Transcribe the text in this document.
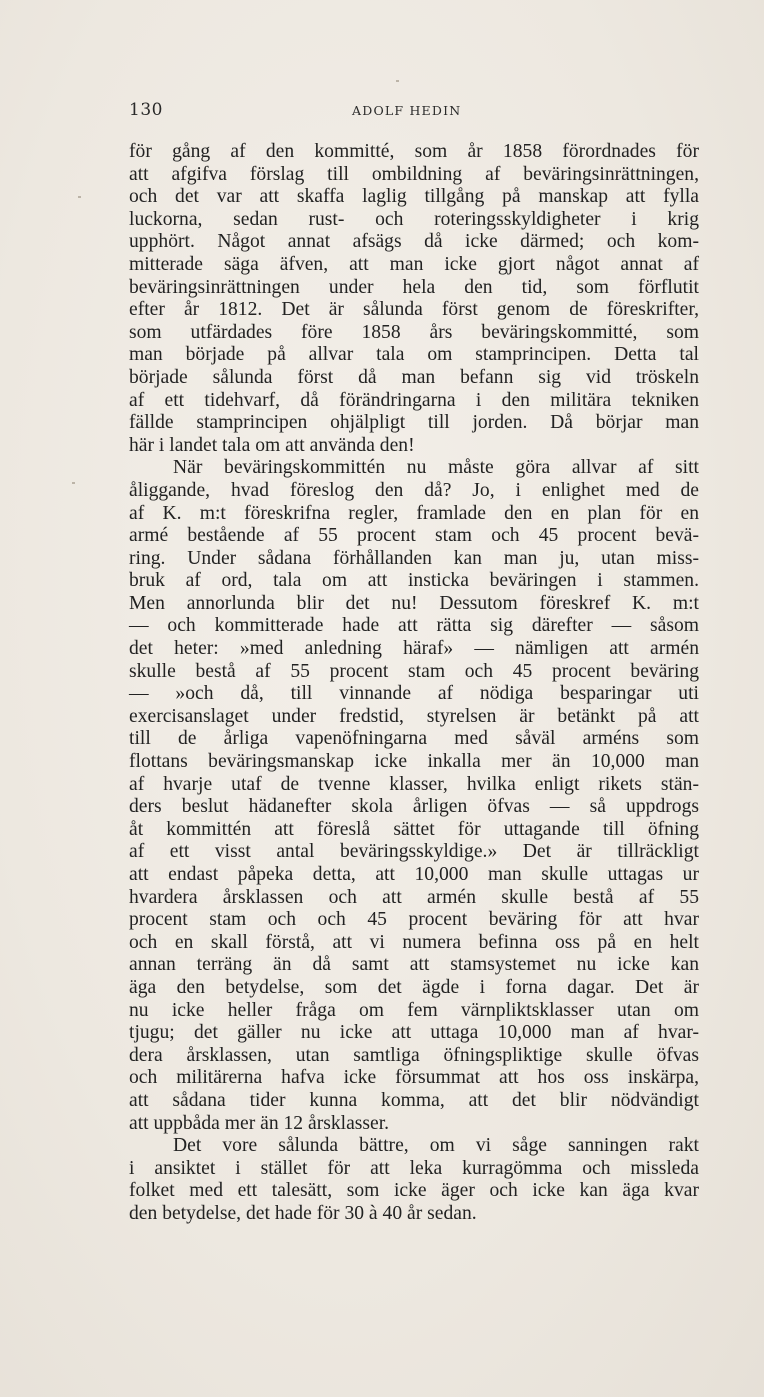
130	ADOLF HEDIN
för gång af den kommitté, som år 1858 förordnades för
att afgifva förslag till ombildning af beväringsinrättningen,
och det var att skaffa laglig tillgång på manskap att fylla
luckorna, sedan rust- och roteringsskyldigheter i krig
upphört. Något annat afsägs då icke därmed; och kom-
mitterade säga äfven, att man icke gjort något annat af
beväringsinrättningen under hela den tid, som förflutit
efter år 1812. Det är sålunda först genom de föreskrifter,
som utfärdades före 1858 års beväringskommitté, som
man började på allvar tala om stamprincipen. Detta tal
började sålunda först då man befann sig vid tröskeln
af ett tidehvarf, då förändringarna i den militära tekniken
fällde stamprincipen ohjälpligt till jorden. Då börjar man
här i landet tala om att använda den!
När beväringskommittén nu måste göra allvar af sitt
åliggande, hvad föreslog den då? Jo, i enlighet med de
af K. m:t föreskrifna regler, framlade den en plan för en
armé bestående af 55 procent stam och 45 procent bevä-
ring. Under sådana förhållanden kan man ju, utan miss-
bruk af ord, tala om att insticka beväringen i stammen.
Men annorlunda blir det nu! Dessutom föreskref K. m:t
— och kommitterade hade att rätta sig därefter — såsom
det heter: »med anledning häraf» — nämligen att armén
skulle bestå af 55 procent stam och 45 procent beväring
— »och då, till vinnande af nödiga besparingar uti
exercisanslaget under fredstid, styrelsen är betänkt på att
till de årliga vapenöfningarna med såväl arméns som
flottans beväringsmanskap icke inkalla mer än 10,000 man
af hvarje utaf de tvenne klasser, hvilka enligt rikets stän-
ders beslut hädanefter skola årligen öfvas — så uppdrogs
åt kommittén att föreslå sättet för uttagande till öfning
af ett visst antal beväringsskyldige.» Det är tillräckligt
att endast påpeka detta, att 10,000 man skulle uttagas ur
hvardera årsklassen och att armén skulle bestå af 55
procent stam och och 45 procent beväring för att hvar
och en skall förstå, att vi numera befinna oss på en helt
annan terräng än då samt att stamsystemet nu icke kan
äga den betydelse, som det ägde i forna dagar. Det är
nu icke heller fråga om fem värnpliktsklasser utan om
tjugu; det gäller nu icke att uttaga 10,000 man af hvar-
dera årsklassen, utan samtliga öfningspliktige skulle öfvas
och militärerna hafva icke försummat att hos oss inskärpa,
att sådana tider kunna komma, att det blir nödvändigt
att uppbåda mer än 12 årsklasser.
Det vore sålunda bättre, om vi såge sanningen rakt
i ansiktet i stället för att leka kurragömma och missleda
folket med ett talesätt, som icke äger och icke kan äga kvar
den betydelse, det hade för 30 à 40 år sedan.
